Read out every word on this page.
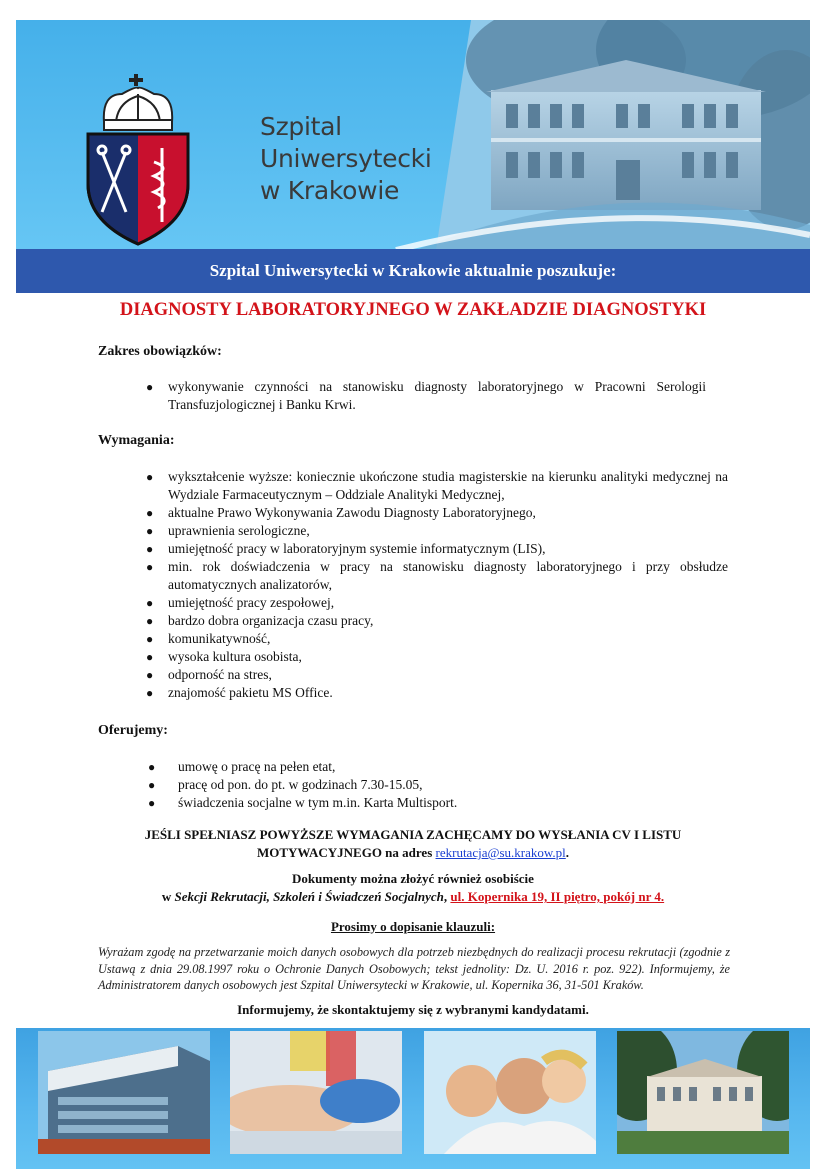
Szpital
Uniwersytecki
w Krakowie
Szpital Uniwersytecki w Krakowie aktualnie poszukuje:
DIAGNOSTY LABORATORYJNEGO W ZAKŁADZIE DIAGNOSTYKI
Zakres obowiązków:
● wykonywanie czynności na stanowisku diagnosty laboratoryjnego w Pracowni Serologii Transfuzjologicznej i Banku Krwi.
Wymagania:
● wykształcenie wyższe: koniecznie ukończone studia magisterskie na kierunku analityki medycznej na Wydziale Farmaceutycznym – Oddziale Analityki Medycznej,
● aktualne Prawo Wykonywania Zawodu Diagnosty Laboratoryjnego,
● uprawnienia serologiczne,
● umiejętność pracy w laboratoryjnym systemie informatycznym (LIS),
● min. rok doświadczenia w pracy na stanowisku diagnosty laboratoryjnego i przy obsłudze automatycznych analizatorów,
● umiejętność pracy zespołowej,
● bardzo dobra organizacja czasu pracy,
● komunikatywność,
● wysoka kultura osobista,
● odporność na stres,
● znajomość pakietu MS Office.
Oferujemy:
● umowę o pracę na pełen etat,
● pracę od pon. do pt. w godzinach 7.30-15.05,
● świadczenia socjalne w tym m.in. Karta Multisport.
JEŚLI SPEŁNIASZ POWYŻSZE WYMAGANIA ZACHĘCAMY DO WYSŁANIA CV I LISTU
MOTYWACYJNEGO na adres rekrutacja@su.krakow.pl.
Dokumenty można złożyć również osobiście
w Sekcji Rekrutacji, Szkoleń i Świadczeń Socjalnych, ul. Kopernika 19, II piętro, pokój nr 4.
Prosimy o dopisanie klauzuli:
Wyrażam zgodę na przetwarzanie moich danych osobowych dla potrzeb niezbędnych do realizacji procesu rekrutacji (zgodnie z Ustawą z dnia 29.08.1997 roku o Ochronie Danych Osobowych; tekst jednolity: Dz. U. 2016 r. poz. 922). Informujemy, że Administratorem danych osobowych jest Szpital Uniwersytecki w Krakowie, ul. Kopernika 36, 31-501 Kraków.
Informujemy, że skontaktujemy się z wybranymi kandydatami.
